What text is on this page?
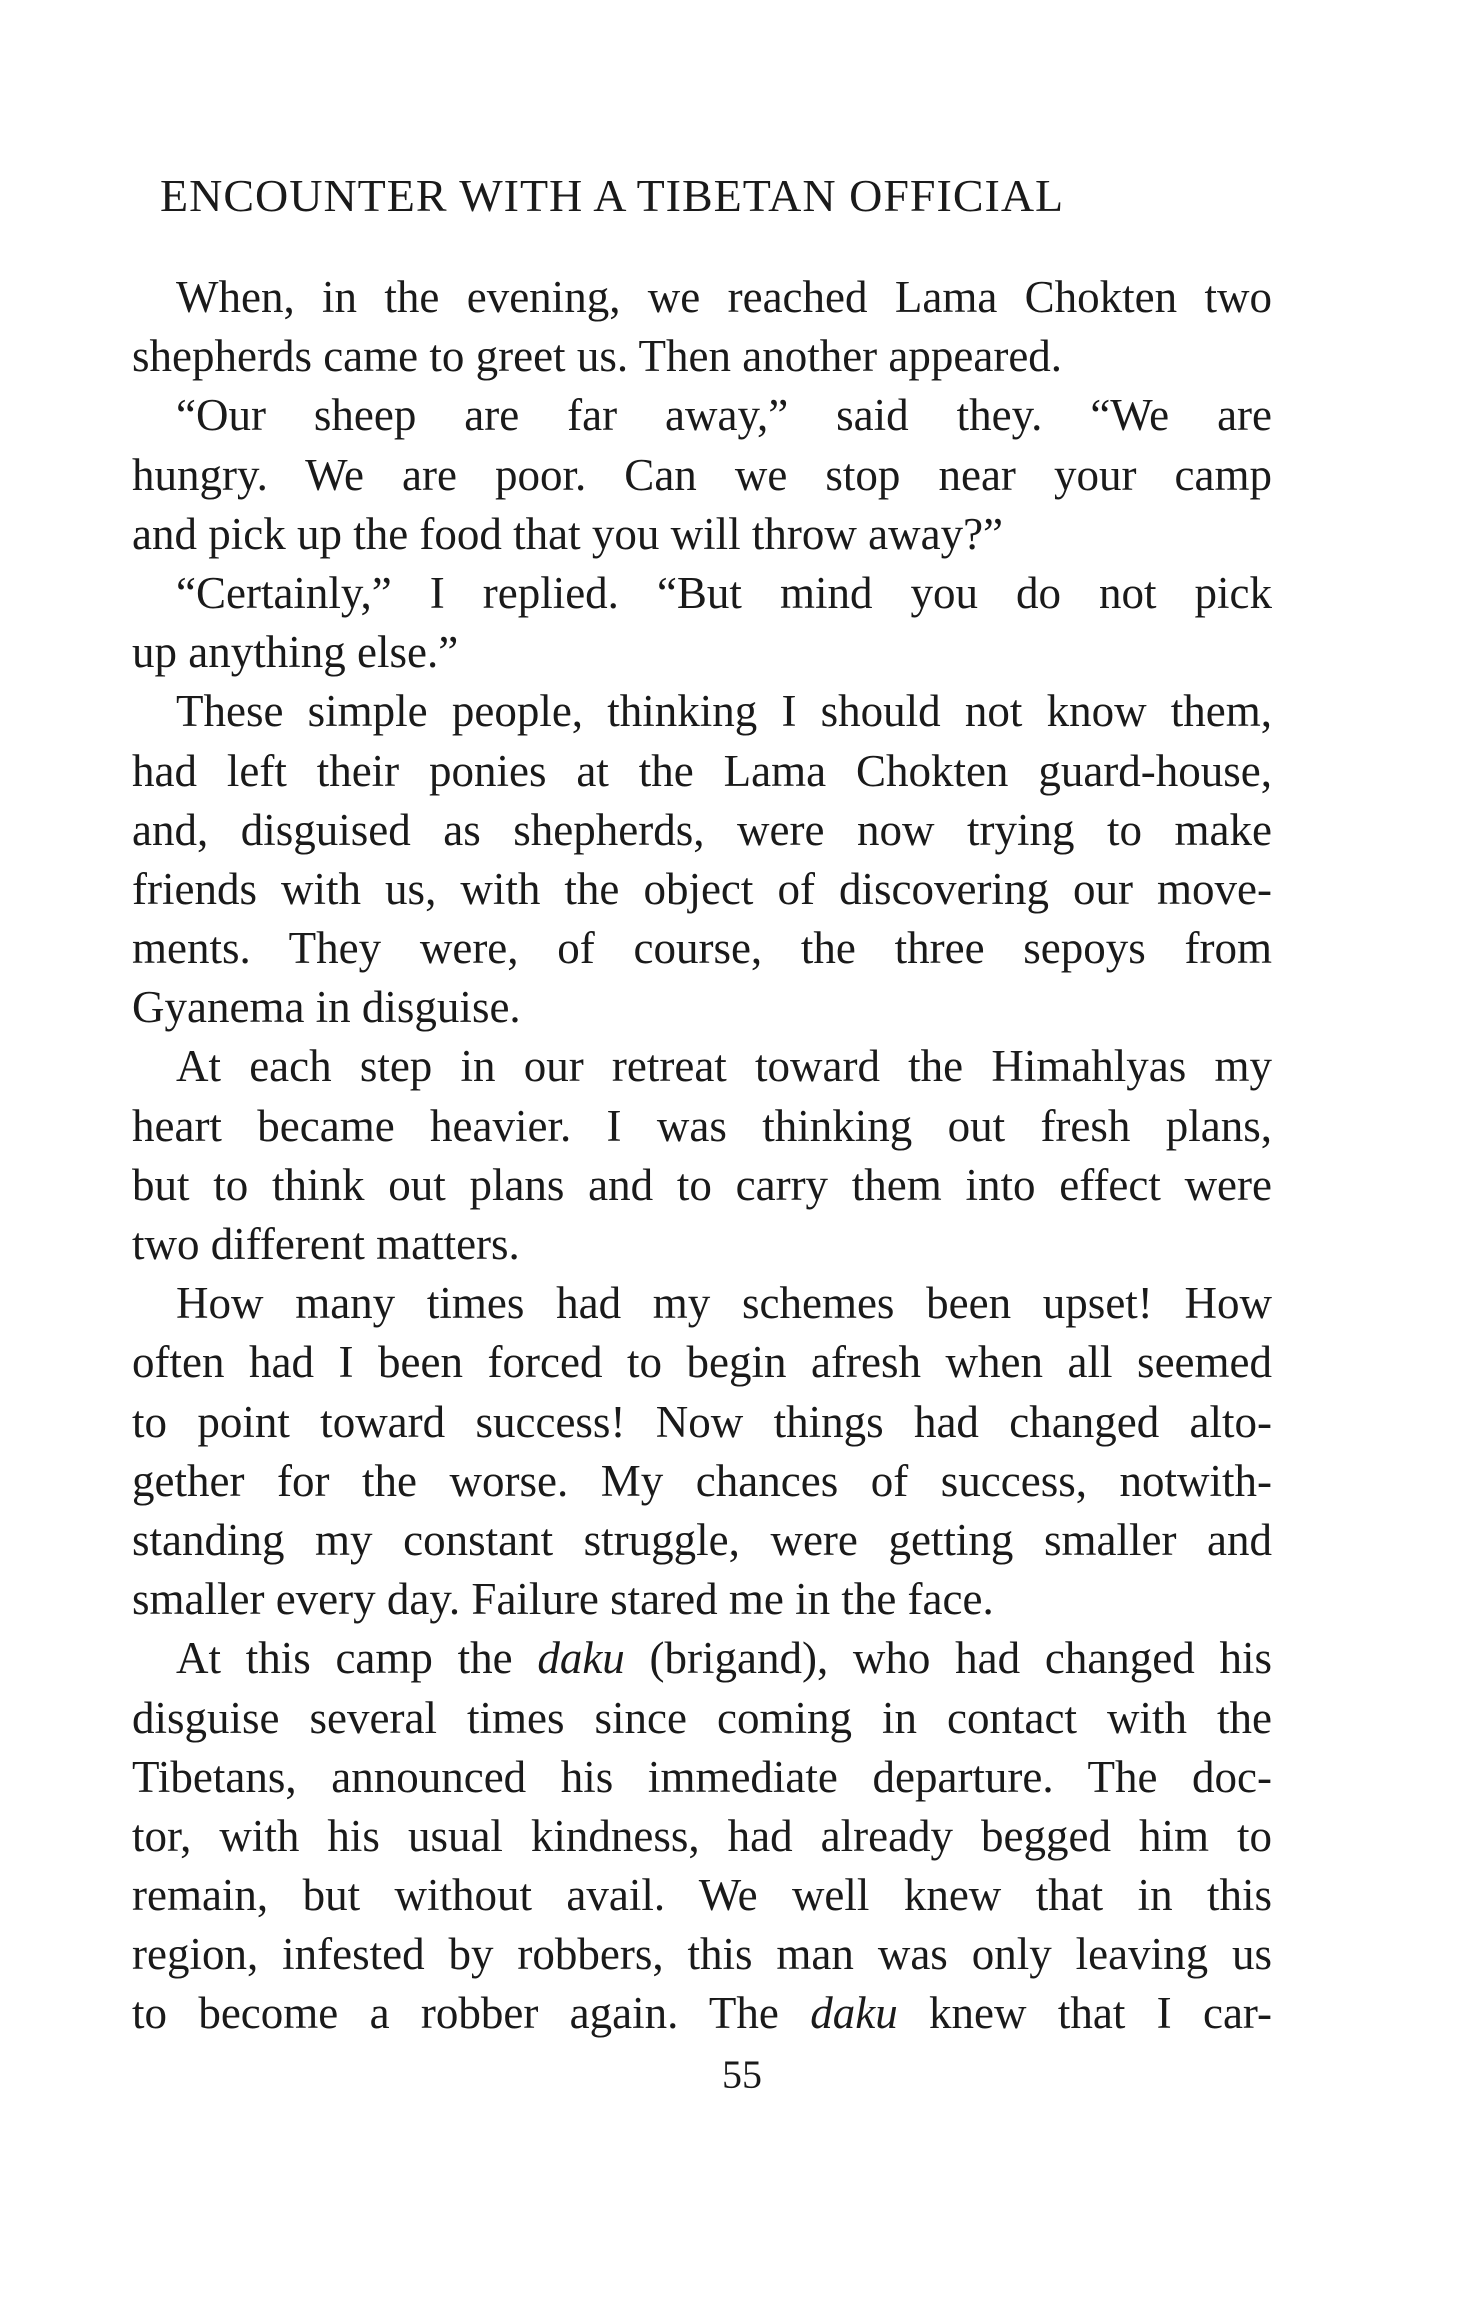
ENCOUNTER WITH A TIBETAN OFFICIAL
When, in the evening, we reached Lama Chokten two
shepherds came to greet us. Then another appeared.
“Our sheep are far away,” said they. “We are
hungry. We are poor. Can we stop near your camp
and pick up the food that you will throw away?”
“Certainly,” I replied. “But mind you do not pick
up anything else.”
These simple people, thinking I should not know them,
had left their ponies at the Lama Chokten guard-house,
and, disguised as shepherds, were now trying to make
friends with us, with the object of discovering our move-
ments. They were, of course, the three sepoys from
Gyanema in disguise.
At each step in our retreat toward the Himahlyas my
heart became heavier. I was thinking out fresh plans,
but to think out plans and to carry them into effect were
two different matters.
How many times had my schemes been upset! How
often had I been forced to begin afresh when all seemed
to point toward success! Now things had changed alto-
gether for the worse. My chances of success, notwith-
standing my constant struggle, were getting smaller and
smaller every day. Failure stared me in the face.
At this camp the daku (brigand), who had changed his
disguise several times since coming in contact with the
Tibetans, announced his immediate departure. The doc-
tor, with his usual kindness, had already begged him to
remain, but without avail. We well knew that in this
region, infested by robbers, this man was only leaving us
to become a robber again. The daku knew that I car-
55
